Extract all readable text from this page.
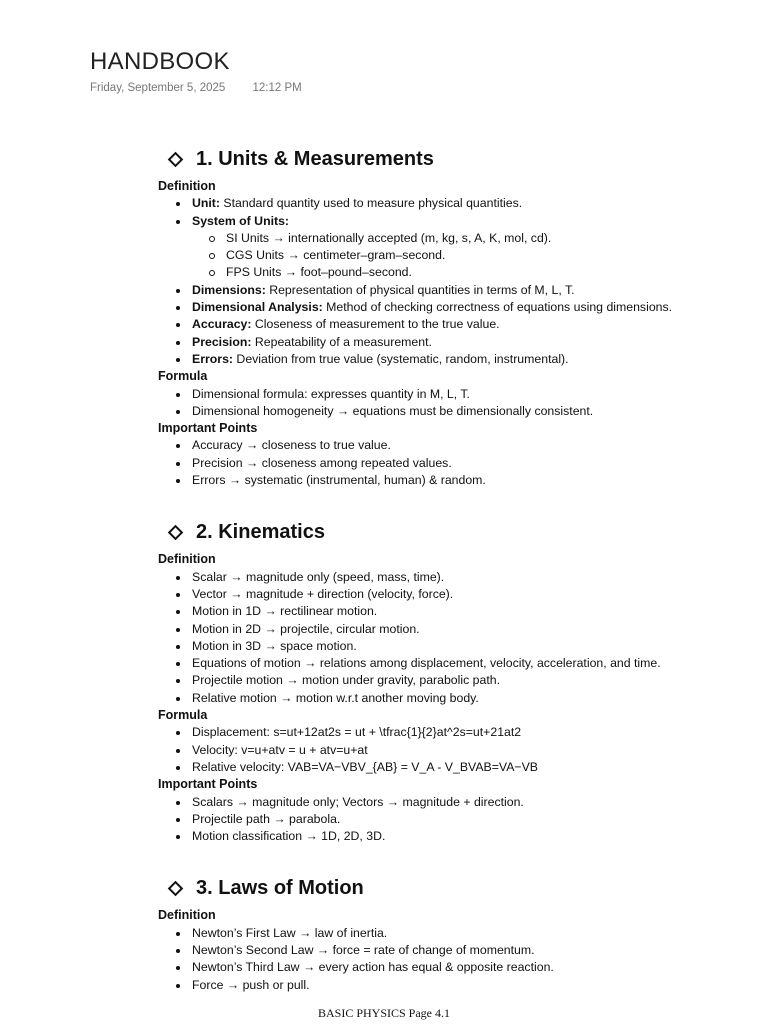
HANDBOOK
Friday, September 5, 2025 12:12 PM
1. Units & Measurements
Definition
Unit: Standard quantity used to measure physical quantities.
System of Units:
SI Units → internationally accepted (m, kg, s, A, K, mol, cd).
CGS Units → centimeter–gram–second.
FPS Units → foot–pound–second.
Dimensions: Representation of physical quantities in terms of M, L, T.
Dimensional Analysis: Method of checking correctness of equations using dimensions.
Accuracy: Closeness of measurement to the true value.
Precision: Repeatability of a measurement.
Errors: Deviation from true value (systematic, random, instrumental).
Formula
Dimensional formula: expresses quantity in M, L, T.
Dimensional homogeneity → equations must be dimensionally consistent.
Important Points
Accuracy → closeness to true value.
Precision → closeness among repeated values.
Errors → systematic (instrumental, human) & random.
2. Kinematics
Definition
Scalar → magnitude only (speed, mass, time).
Vector → magnitude + direction (velocity, force).
Motion in 1D → rectilinear motion.
Motion in 2D → projectile, circular motion.
Motion in 3D → space motion.
Equations of motion → relations among displacement, velocity, acceleration, and time.
Projectile motion → motion under gravity, parabolic path.
Relative motion → motion w.r.t another moving body.
Formula
Displacement: s=ut+12at2s = ut + \tfrac{1}{2}at^2s=ut+21at2
Velocity: v=u+atv = u + atv=u+at
Relative velocity: VAB=VA−VBV_{AB} = V_A - V_BVAB=VA−VB
Important Points
Scalars → magnitude only; Vectors → magnitude + direction.
Projectile path → parabola.
Motion classification → 1D, 2D, 3D.
3. Laws of Motion
Definition
Newton’s First Law → law of inertia.
Newton’s Second Law → force = rate of change of momentum.
Newton’s Third Law → every action has equal & opposite reaction.
Force → push or pull.
BASIC PHYSICS Page 4.1
